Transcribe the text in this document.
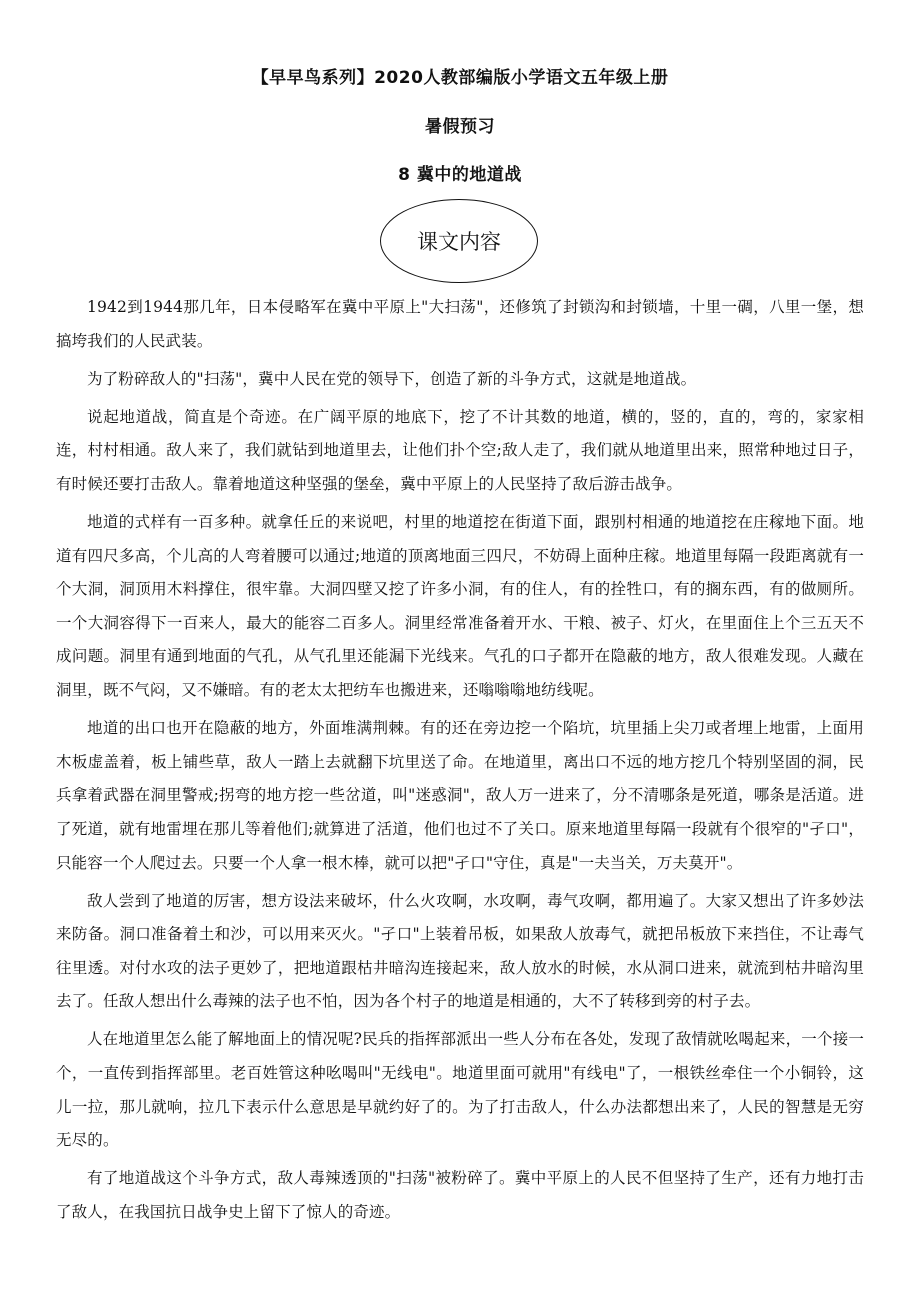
【早早鸟系列】2020人教部编版小学语文五年级上册
暑假预习
8 冀中的地道战
课文内容

1942到1944那几年，日本侵略军在冀中平原上"大扫荡"，还修筑了封锁沟和封锁墙，十里一碉，八里一堡，想搞垮我们的人民武装。

为了粉碎敌人的"扫荡"，冀中人民在党的领导下，创造了新的斗争方式，这就是地道战。

说起地道战，简直是个奇迹。在广阔平原的地底下，挖了不计其数的地道，横的，竖的，直的，弯的，家家相连，村村相通。敌人来了，我们就钻到地道里去，让他们扑个空;敌人走了，我们就从地道里出来，照常种地过日子，有时候还要打击敌人。靠着地道这种坚强的堡垒，冀中平原上的人民坚持了敌后游击战争。

地道的式样有一百多种。就拿任丘的来说吧，村里的地道挖在街道下面，跟别村相通的地道挖在庄稼地下面。地道有四尺多高，个儿高的人弯着腰可以通过;地道的顶离地面三四尺，不妨碍上面种庄稼。地道里每隔一段距离就有一个大洞，洞顶用木料撑住，很牢靠。大洞四壁又挖了许多小洞，有的住人，有的拴牲口，有的搁东西，有的做厕所。一个大洞容得下一百来人，最大的能容二百多人。洞里经常准备着开水、干粮、被子、灯火，在里面住上个三五天不成问题。洞里有通到地面的气孔，从气孔里还能漏下光线来。气孔的口子都开在隐蔽的地方，敌人很难发现。人藏在洞里，既不气闷，又不嫌暗。有的老太太把纺车也搬进来，还嗡嗡嗡地纺线呢。

地道的出口也开在隐蔽的地方，外面堆满荆棘。有的还在旁边挖一个陷坑，坑里插上尖刀或者埋上地雷，上面用木板虚盖着，板上铺些草，敌人一踏上去就翻下坑里送了命。在地道里，离出口不远的地方挖几个特别坚固的洞，民兵拿着武器在洞里警戒;拐弯的地方挖一些岔道，叫"迷惑洞"，敌人万一进来了，分不清哪条是死道，哪条是活道。进了死道，就有地雷埋在那儿等着他们;就算进了活道，他们也过不了关口。原来地道里每隔一段就有个很窄的"孑口"，只能容一个人爬过去。只要一个人拿一根木棒，就可以把"孑口"守住，真是"一夫当关，万夫莫开"。

敌人尝到了地道的厉害，想方设法来破坏，什么火攻啊，水攻啊，毒气攻啊，都用遍了。大家又想出了许多妙法来防备。洞口准备着土和沙，可以用来灭火。"孑口"上装着吊板，如果敌人放毒气，就把吊板放下来挡住，不让毒气往里透。对付水攻的法子更妙了，把地道跟枯井暗沟连接起来，敌人放水的时候，水从洞口进来，就流到枯井暗沟里去了。任敌人想出什么毒辣的法子也不怕，因为各个村子的地道是相通的，大不了转移到旁的村子去。

人在地道里怎么能了解地面上的情况呢?民兵的指挥部派出一些人分布在各处，发现了敌情就吆喝起来，一个接一个，一直传到指挥部里。老百姓管这种吆喝叫"无线电"。地道里面可就用"有线电"了，一根铁丝牵住一个小铜铃，这儿一拉，那儿就响，拉几下表示什么意思是早就约好了的。为了打击敌人，什么办法都想出来了，人民的智慧是无穷无尽的。

有了地道战这个斗争方式，敌人毒辣透顶的"扫荡"被粉碎了。冀中平原上的人民不但坚持了生产，还有力地打击了敌人，在我国抗日战争史上留下了惊人的奇迹。
